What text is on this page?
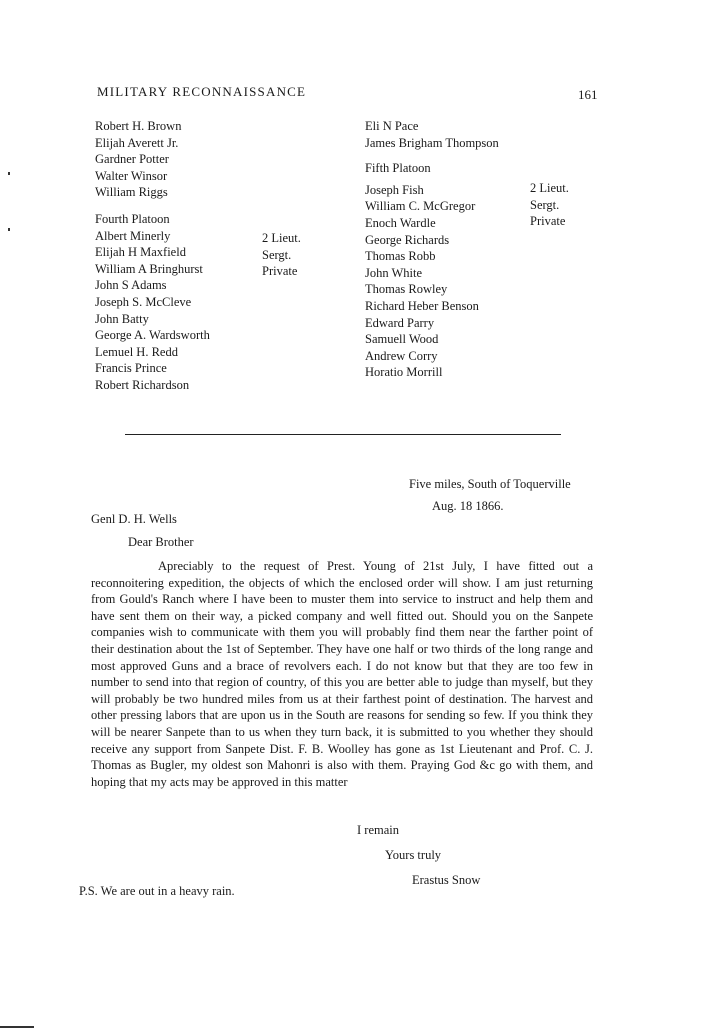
MILITARY RECONNAISSANCE	161
Robert H. Brown
Elijah Averett Jr.
Gardner Potter
Walter Winsor
William Riggs
Fourth Platoon
Albert Minerly
Elijah H Maxfield
William A Bringhurst
John S Adams
Joseph S. McCleve
John Batty
George A. Wardsworth
Lemuel H. Redd
Francis Prince
Robert Richardson
2 Lieut.
Sergt.
Private
Eli N Pace
James Brigham Thompson
Fifth Platoon
Joseph Fish
William C. McGregor
Enoch Wardle
George Richards
Thomas Robb
John White
Thomas Rowley
Richard Heber Benson
Edward Parry
Samuell Wood
Andrew Corry
Horatio Morrill
2 Lieut.
Sergt.
Private
Five miles, South of Toquerville
Aug. 18 1866.
Genl D. H. Wells
Dear Brother

Apreciably to the request of Prest. Young of 21st July, I have fitted out a reconnoitering expedition, the objects of which the enclosed order will show. I am just returning from Gould's Ranch where I have been to muster them into service to instruct and help them and have sent them on their way, a picked company and well fitted out. Should you on the Sanpete companies wish to communicate with them you will probably find them near the farther point of their destination about the 1st of September. They have one half or two thirds of the long range and most approved Guns and a brace of revolvers each. I do not know but that they are too few in number to send into that region of country, of this you are better able to judge than myself, but they will probably be two hundred miles from us at their farthest point of destination. The harvest and other pressing labors that are upon us in the South are reasons for sending so few. If you think they will be nearer Sanpete than to us when they turn back, it is submitted to you whether they should receive any support from Sanpete Dist. F. B. Woolley has gone as 1st Lieutenant and Prof. C. J. Thomas as Bugler, my oldest son Mahonri is also with them. Praying God &c go with them, and hoping that my acts may be approved in this matter

I remain
Yours truly
Erastus Snow
P.S. We are out in a heavy rain.
